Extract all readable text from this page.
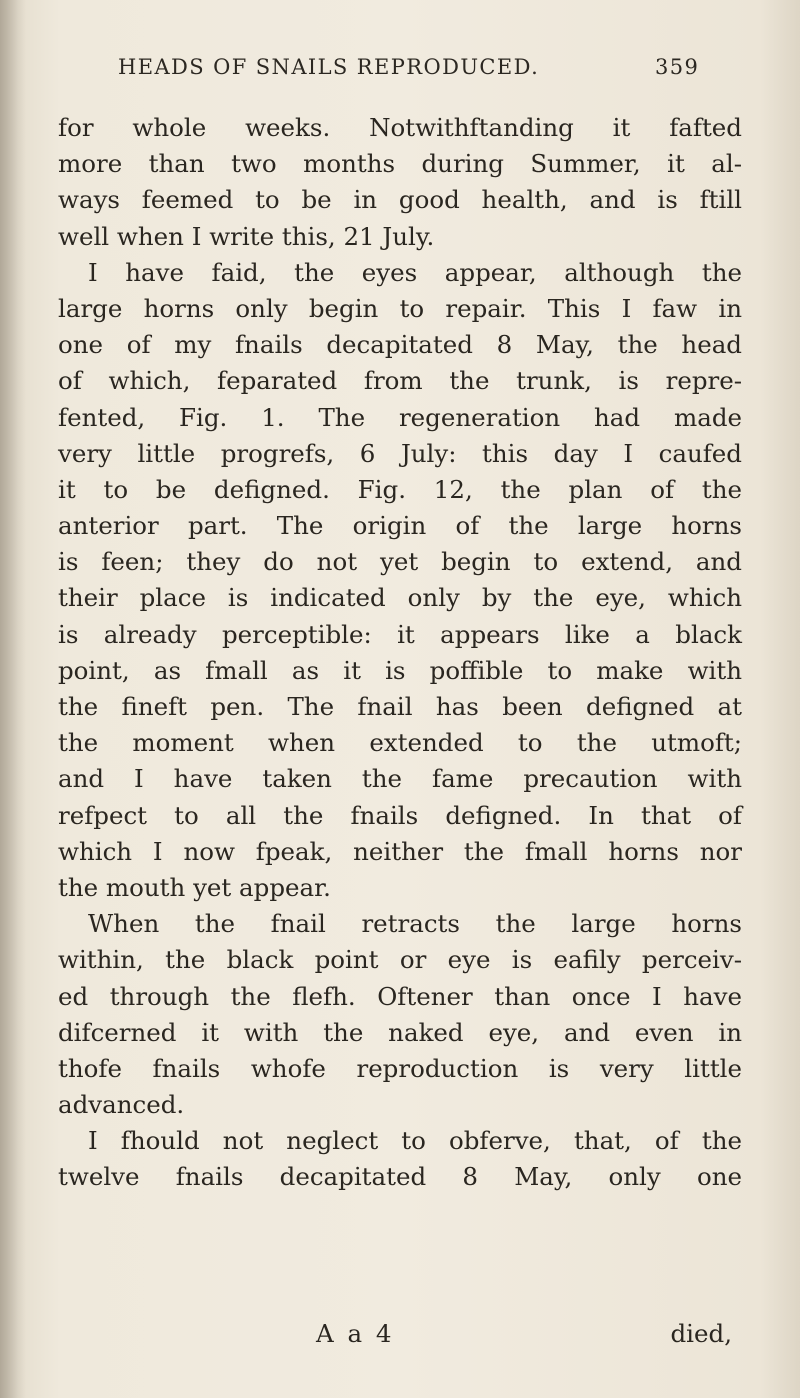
HEADS OF SNAILS REPRODUCED.	359
for whole weeks. Notwithftanding it fafted
more than two months during Summer, it al-
ways feemed to be in good health, and is ftill
well when I write this, 21 July.
I have faid, the eyes appear, although the
large horns only begin to repair. This I faw in
one of my fnails decapitated 8 May, the head
of which, feparated from the trunk, is repre-
fented, Fig. 1. The regeneration had made
very little progrefs, 6 July: this day I caufed
it to be defigned. Fig. 12, the plan of the
anterior part. The origin of the large horns
is feen; they do not yet begin to extend, and
their place is indicated only by the eye, which
is already perceptible: it appears like a black
point, as fmall as it is poffible to make with
the fineft pen. The fnail has been defigned at
the moment when extended to the utmoft;
and I have taken the fame precaution with
refpect to all the fnails defigned. In that of
which I now fpeak, neither the fmall horns nor
the mouth yet appear.
When the fnail retracts the large horns
within, the black point or eye is eafily perceiv-
ed through the flefh. Oftener than once I have
difcerned it with the naked eye, and even in
thofe fnails whofe reproduction is very little
advanced.
I fhould not neglect to obferve, that, of the
twelve fnails decapitated 8 May, only one
A a 4	died,
